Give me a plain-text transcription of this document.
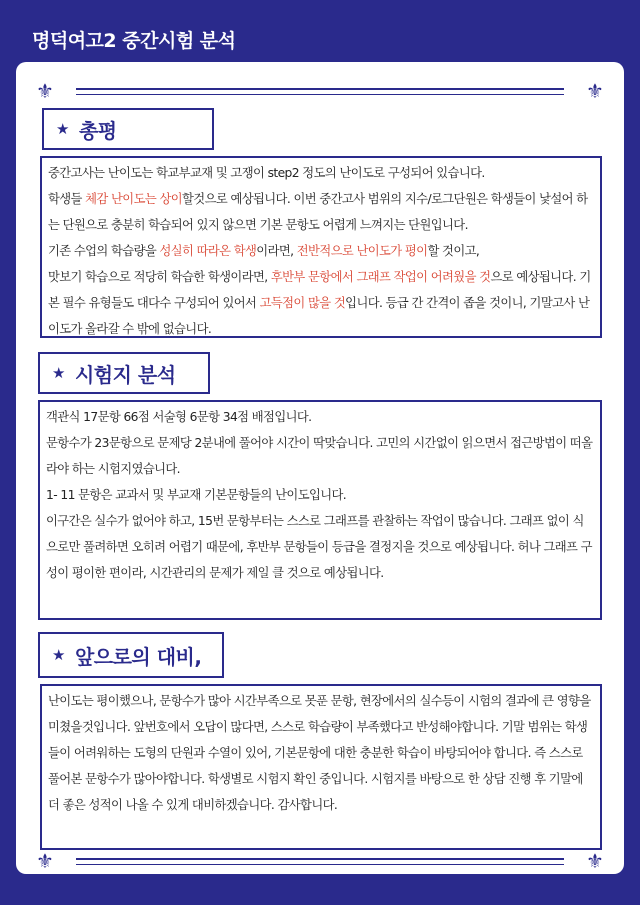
명덕여고2 중간시험 분석
⚜	⚜
★ 총평

중간고사는 난이도는 학교부교재 및 고쟁이 step2 정도의 난이도로 구성되어 있습니다.

학생들 체감 난이도는 상이할것으로 예상됩니다. 이번 중간고사 범위의 지수/로그단원은 학생들이 낯설어 하는 단원으로 충분히 학습되어 있지 않으면 기본 문항도 어렵게 느껴지는 단원입니다.

기존 수업의 학습량을 성실히 따라온 학생이라면, 전반적으로 난이도가 평이할 것이고,

맛보기 학습으로 적당히 학습한 학생이라면, 후반부 문항에서 그래프 작업이 어려웠을 것으로 예상됩니다. 기본 필수 유형들도 대다수 구성되어 있어서 고득점이 많을 것입니다. 등급 간 간격이 좁을 것이니, 기말고사 난이도가 올라갈 수 밖에 없습니다.

★ 시험지 분석

객관식 17문항 66점 서술형 6문항 34점 배점입니다.

문항수가 23문항으로 문제당 2분내에 풀어야 시간이 딱맞습니다. 고민의 시간없이 읽으면서 접근방법이 떠올라야 하는 시험지였습니다.

1- 11 문항은 교과서 및 부교재 기본문항들의 난이도입니다.

이구간은 실수가 없어야 하고, 15번 문항부터는 스스로 그래프를 관찰하는 작업이 많습니다. 그래프 없이 식으로만 풀려하면 오히려 어렵기 때문에, 후반부 문항들이 등급을 결정지을 것으로 예상됩니다. 허나 그래프 구성이 평이한 편이라, 시간관리의 문제가 제일 클 것으로 예상됩니다.

★ 앞으로의 대비,

난이도는 평이했으나, 문항수가 많아 시간부족으로 못푼 문항, 현장에서의 실수등이 시험의 결과에 큰 영향을 미쳤을것입니다. 앞번호에서 오답이 많다면, 스스로 학습량이 부족했다고 반성해야합니다. 기말 범위는 학생들이 어려워하는 도형의 단원과 수열이 있어, 기본문항에 대한 충분한 학습이 바탕되어야 합니다. 즉 스스로 풀어본 문항수가 많아야합니다. 학생별로 시험지 확인 중입니다. 시험지를 바탕으로 한 상담 진행 후 기말에 더 좋은 성적이 나올 수 있게 대비하겠습니다. 감사합니다.

⚜	⚜
